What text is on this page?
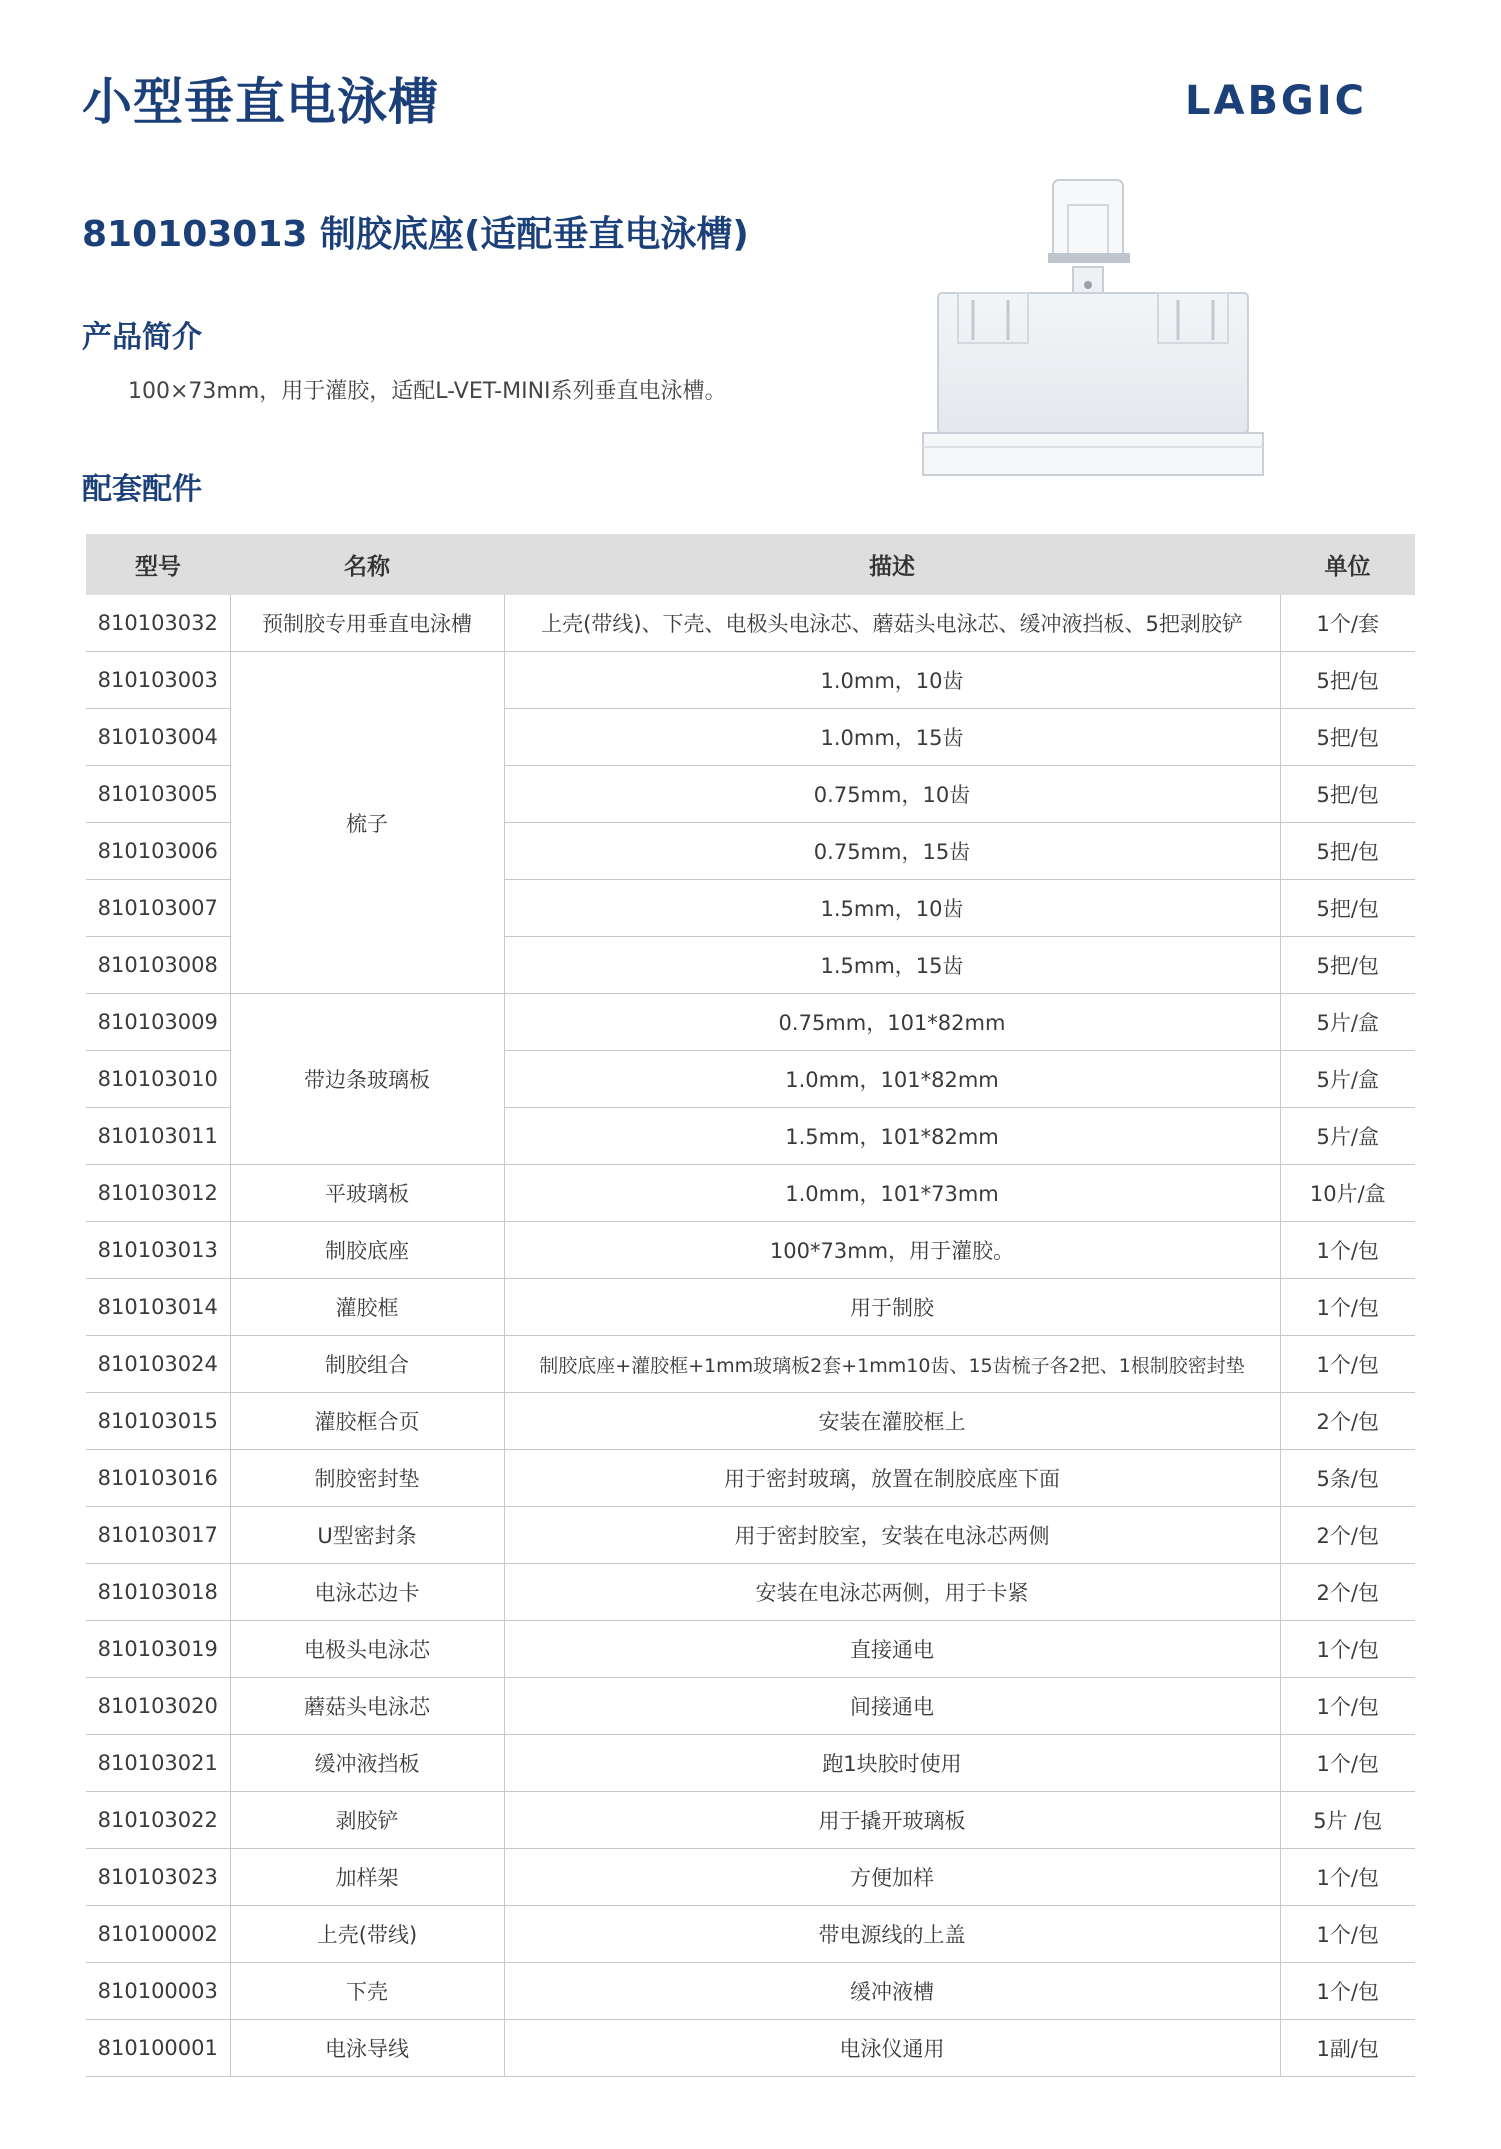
小型垂直电泳槽	LABGIC
810103013 制胶底座(适配垂直电泳槽)
产品简介
100×73mm，用于灌胶，适配L-VET-MINI系列垂直电泳槽。
配套配件
型号	名称	描述	单位
810103032	预制胶专用垂直电泳槽	上壳(带线)、下壳、电极头电泳芯、蘑菇头电泳芯、缓冲液挡板、5把剥胶铲	1个/套
810103003	梳子	1.0mm，10齿	5把/包
810103004		1.0mm，15齿	5把/包
810103005		0.75mm，10齿	5把/包
810103006		0.75mm，15齿	5把/包
810103007		1.5mm，10齿	5把/包
810103008		1.5mm，15齿	5把/包
810103009	带边条玻璃板	0.75mm，101*82mm	5片/盒
810103010		1.0mm，101*82mm	5片/盒
810103011		1.5mm，101*82mm	5片/盒
810103012	平玻璃板	1.0mm，101*73mm	10片/盒
810103013	制胶底座	100*73mm，用于灌胶。	1个/包
810103014	灌胶框	用于制胶	1个/包
810103024	制胶组合	制胶底座+灌胶框+1mm玻璃板2套+1mm10齿、15齿梳子各2把、1根制胶密封垫	1个/包
810103015	灌胶框合页	安装在灌胶框上	2个/包
810103016	制胶密封垫	用于密封玻璃，放置在制胶底座下面	5条/包
810103017	U型密封条	用于密封胶室，安装在电泳芯两侧	2个/包
810103018	电泳芯边卡	安装在电泳芯两侧，用于卡紧	2个/包
810103019	电极头电泳芯	直接通电	1个/包
810103020	蘑菇头电泳芯	间接通电	1个/包
810103021	缓冲液挡板	跑1块胶时使用	1个/包
810103022	剥胶铲	用于撬开玻璃板	5片 /包
810103023	加样架	方便加样	1个/包
810100002	上壳(带线)	带电源线的上盖	1个/包
810100003	下壳	缓冲液槽	1个/包
810100001	电泳导线	电泳仪通用	1副/包
